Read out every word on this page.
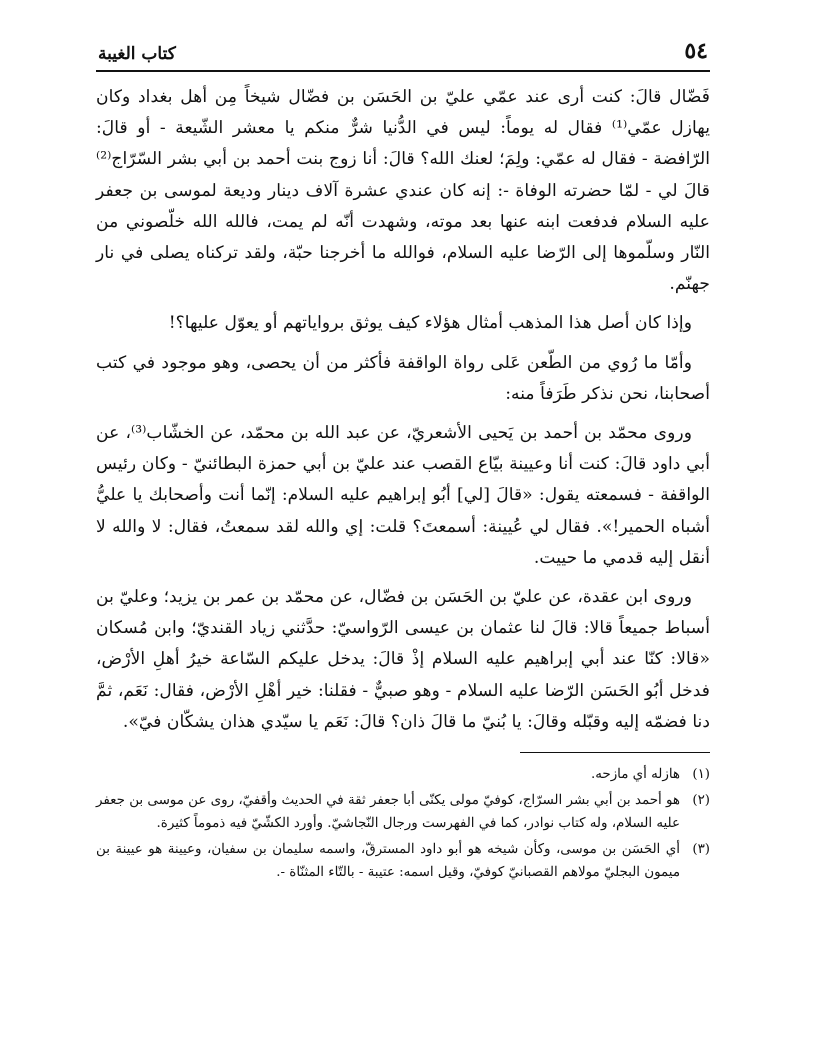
٥٤
كتاب الغيبة

فَضّال قالَ: كنت أرى عند عمّي عليّ بن الحَسَن بن فضّال شيخاً مِن أهل بغداد وكان يهازل عمّي⁽¹⁾ فقال له يوماً: ليس في الدُّنيا شرٌّ منكم يا معشر الشّيعة - أو قالَ: الرّافضة - فقال له عمّي: ولِمَ؛ لعنك الله؟ قالَ: أنا زوج بنت أحمد بن أبي بشر السّرّاج⁽²⁾ قالَ لي - لمّا حضرته الوفاة -: إنه كان عندي عشرة آلاف دينار وديعة لموسى بن جعفر عليه السلام فدفعت ابنه عنها بعد موته، وشهدت أنّه لم يمت، فالله الله خلّصوني من النّار وسلّموها إلى الرّضا عليه السلام، فوالله ما أخرجنا حبّة، ولقد تركناه يصلى في نار جهنّم.

وإذا كان أصل هذا المذهب أمثال هؤلاء كيف يوثق برواياتهم أو يعوّل عليها؟!

وأمّا ما رُوي من الطّعن عَلى رواة الواقفة فأكثر من أن يحصى، وهو موجود في كتب أصحابنا، نحن نذكر طَرَفاً منه:

وروى محمّد بن أحمد بن يَحيى الأشعريّ، عن عبد الله بن محمّد، عن الخشّاب⁽³⁾، عن أبي داود قالَ: كنت أنا وعيينة بيّاع القصب عند عليّ بن أبي حمزة البطائنيّ - وكان رئيس الواقفة - فسمعته يقول: «قالَ [لي] أبُو إبراهيم عليه السلام: إنّما أنت وأصحابك يا عليُّ أشباه الحمير!». فقال لي عُيينة: أسمعتَ؟ قلت: إي والله لقد سمعتُ، فقال: لا والله لا أنقل إليه قدمي ما حييت.

وروى ابن عقدة، عن عليّ بن الحَسَن بن فضّال، عن محمّد بن عمر بن يزيد؛ وعليّ بن أسباط جميعاً قالا: قالَ لنا عثمان بن عيسى الرّواسيّ: حدَّثني زياد القنديّ؛ وابن مُسكان «قالا: كنّا عند أبي إبراهيم عليه السلام إذْ قالَ: يدخل عليكم السّاعة خيرُ أهلِ الأرْض، فدخل أبُو الحَسَن الرّضا عليه السلام - وهو صبيٌّ - فقلنا: خير أهْلِ الأرْض، فقال: نَعَم، ثمَّ دنا فضمّه إليه وقبّله وقالَ: يا بُنيّ ما قالَ ذان؟ قالَ: نَعَم يا سيّدي هذان يشكّان فيّ».

(١)
هازله أي مازحه.
(٢)
هو أحمد بن أبي بشر السرّاج، كوفيّ مولى يكنّى أبا جعفر ثقة في الحديث وأقفيّ، روى عن موسى بن جعفر عليه السلام، وله كتاب نوادر، كما في الفهرست ورجال النّجاشيّ. وأورد الكشّيّ فيه ذموماً كثيرة.
(٣)
أي الحَسَن بن موسى، وكأن شيخه هو أبو داود المسترقّ، واسمه سليمان بن سفيان، وعيينة هو عيينة بن ميمون البجليّ مولاهم القصبانيّ كوفيّ، وقيل اسمه: عتيبة - بالتّاء المثنّاة -.
